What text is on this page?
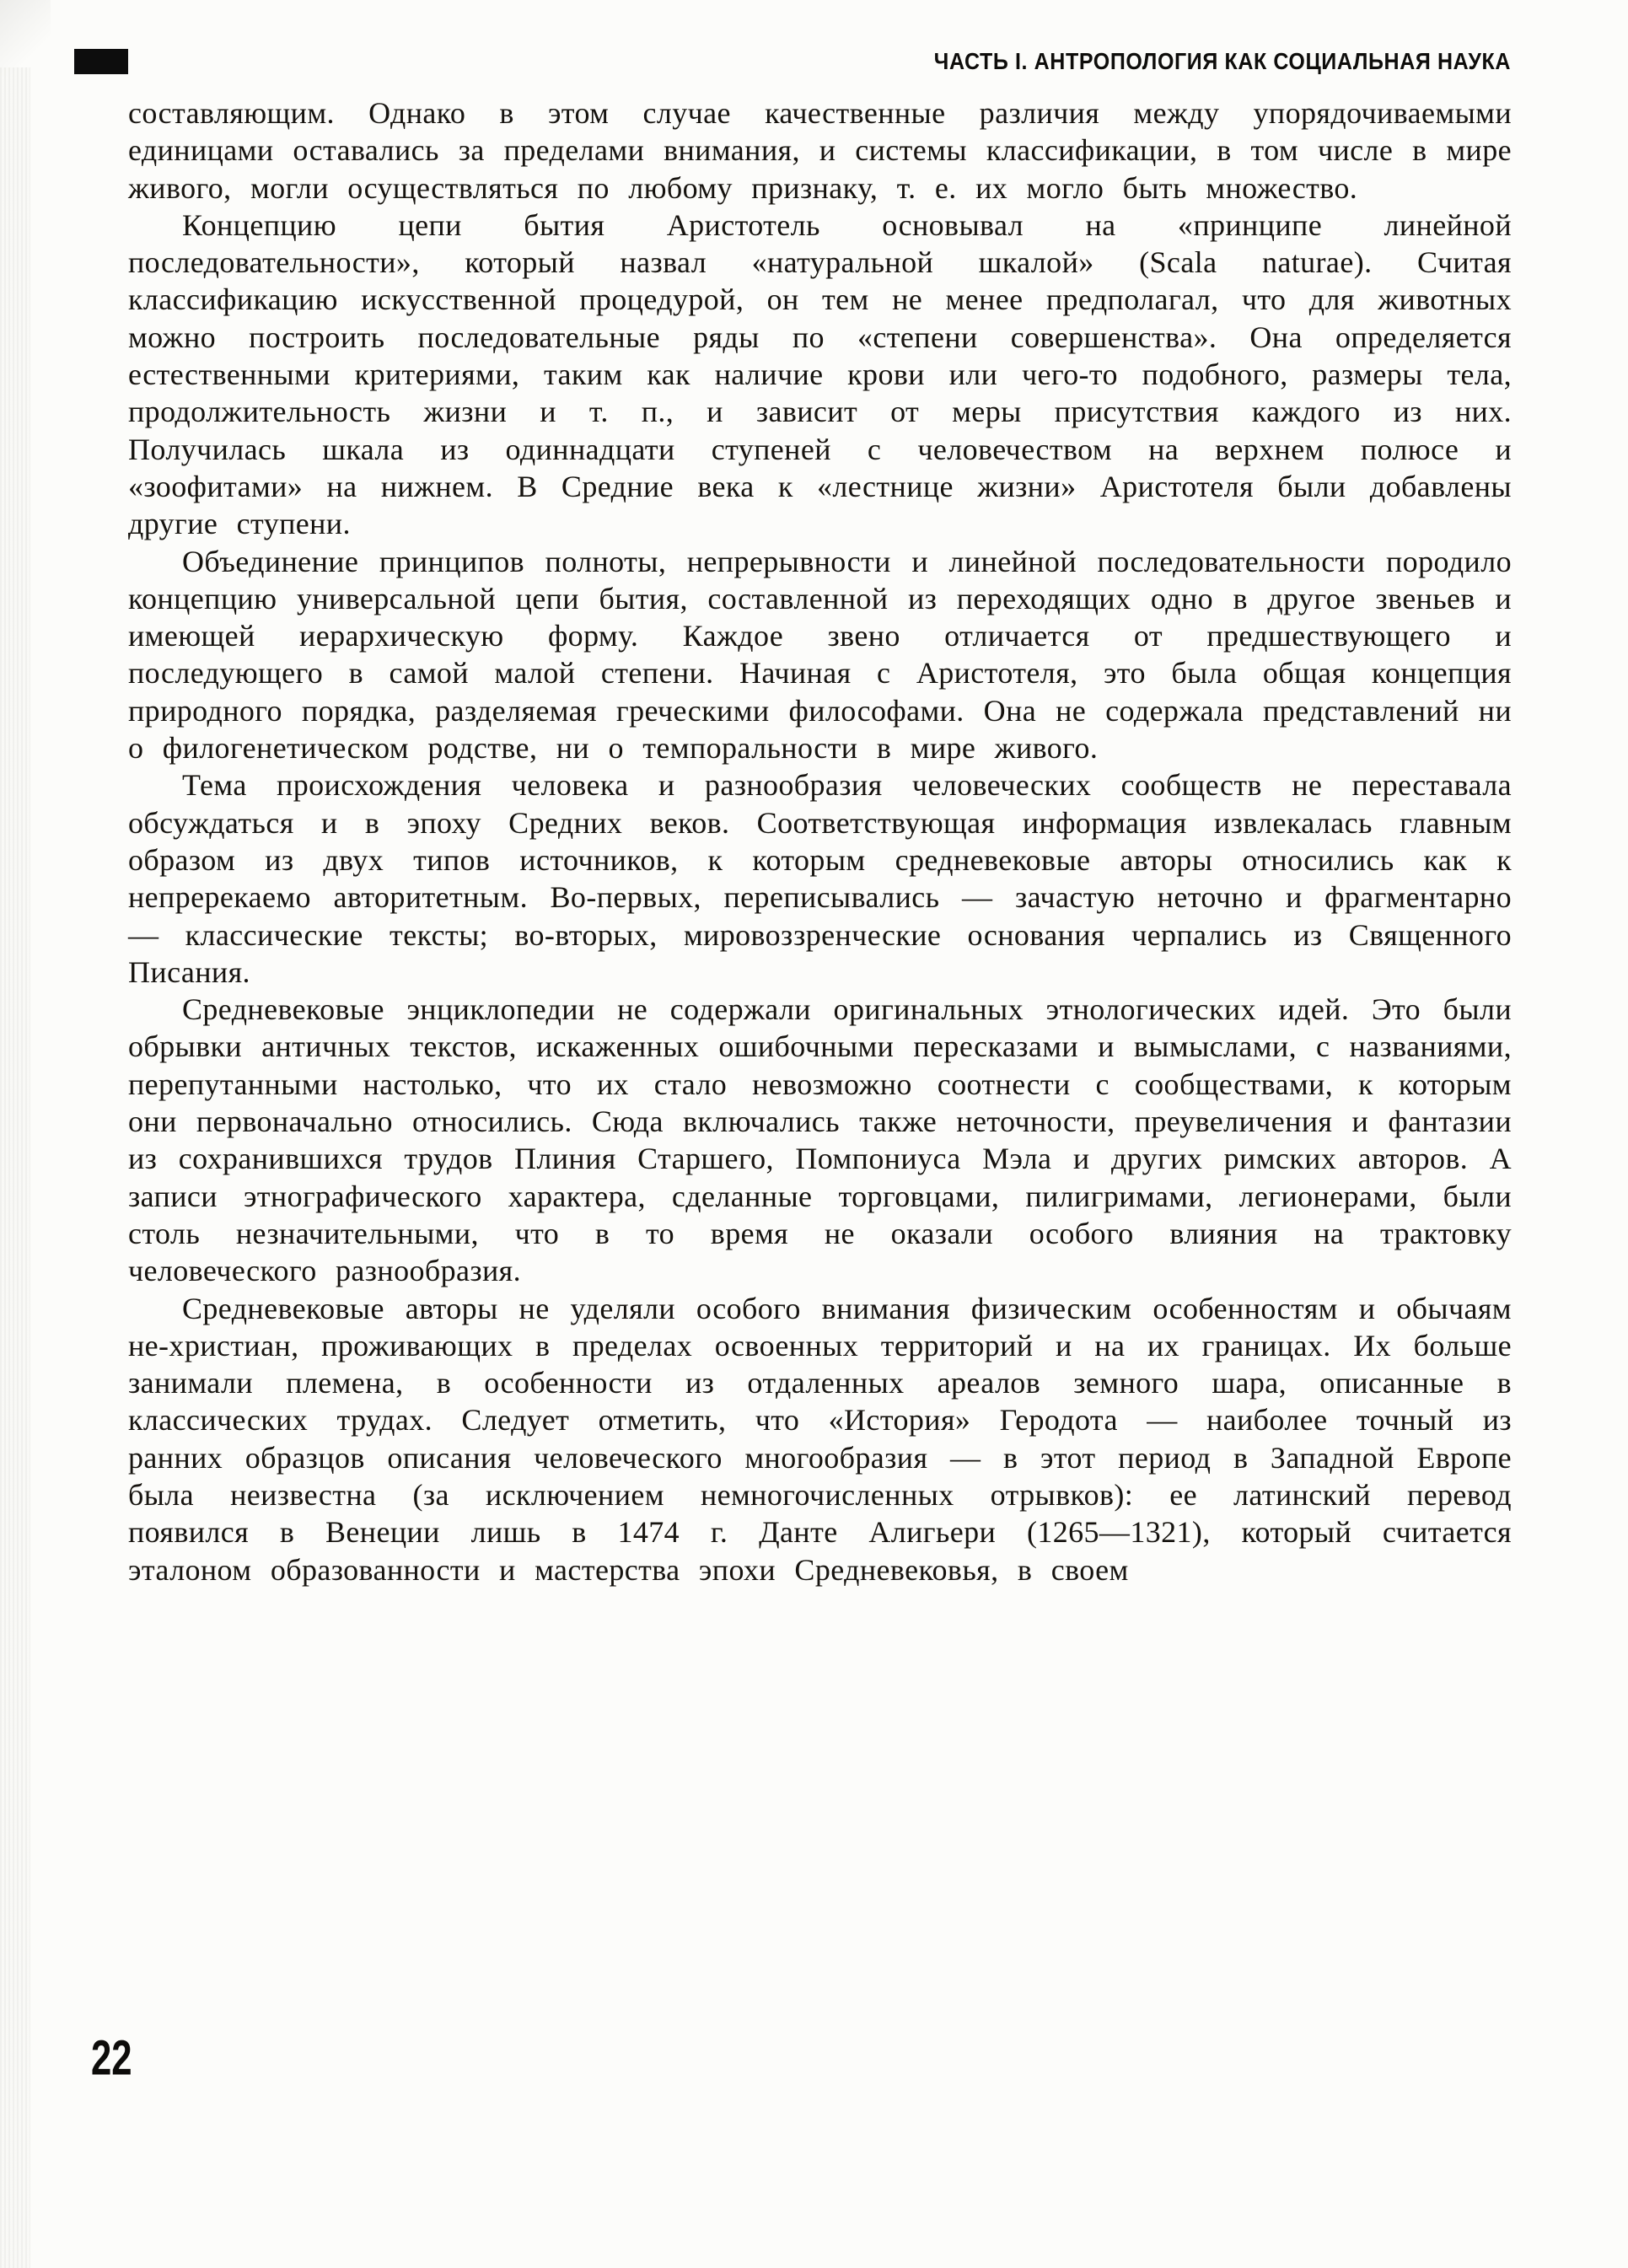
ЧАСТЬ I. АНТРОПОЛОГИЯ КАК СОЦИАЛЬНАЯ НАУКА

составляющим. Однако в этом случае качественные различия между упорядочиваемыми единицами оставались за пределами внимания, и системы классификации, в том числе в мире живого, могли осуществляться по любому признаку, т. е. их могло быть множество.

Концепцию цепи бытия Аристотель основывал на «принципе линейной последовательности», который назвал «натуральной шкалой» (Scala naturae). Считая классификацию искусственной процедурой, он тем не менее предполагал, что для животных можно построить последовательные ряды по «степени совершенства». Она определяется естественными критериями, таким как наличие крови или чего-то подобного, размеры тела, продолжительность жизни и т. п., и зависит от меры присутствия каждого из них. Получилась шкала из одиннадцати ступеней с человечеством на верхнем полюсе и «зоофитами» на нижнем. В Средние века к «лестнице жизни» Аристотеля были добавлены другие ступени.

Объединение принципов полноты, непрерывности и линейной последовательности породило концепцию универсальной цепи бытия, составленной из переходящих одно в другое звеньев и имеющей иерархическую форму. Каждое звено отличается от предшествующего и последующего в самой малой степени. Начиная с Аристотеля, это была общая концепция природного порядка, разделяемая греческими философами. Она не содержала представлений ни о филогенетическом родстве, ни о темпоральности в мире живого.

Тема происхождения человека и разнообразия человеческих сообществ не переставала обсуждаться и в эпоху Средних веков. Соответствующая информация извлекалась главным образом из двух типов источников, к которым средневековые авторы относились как к непререкаемо авторитетным. Во-первых, переписывались — зачастую неточно и фрагментарно — классические тексты; во-вторых, мировоззренческие основания черпались из Священного Писания.

Средневековые энциклопедии не содержали оригинальных этнологических идей. Это были обрывки античных текстов, искаженных ошибочными пересказами и вымыслами, с названиями, перепутанными настолько, что их стало невозможно соотнести с сообществами, к которым они первоначально относились. Сюда включались также неточности, преувеличения и фантазии из сохранившихся трудов Плиния Старшего, Помпониуса Мэла и других римских авторов. А записи этнографического характера, сделанные торговцами, пилигримами, легионерами, были столь незначительными, что в то время не оказали особого влияния на трактовку человеческого разнообразия.

Средневековые авторы не уделяли особого внимания физическим особенностям и обычаям не-христиан, проживающих в пределах освоенных территорий и на их границах. Их больше занимали племена, в особенности из отдаленных ареалов земного шара, описанные в классических трудах. Следует отметить, что «История» Геродота — наиболее точный из ранних образцов описания человеческого многообразия — в этот период в Западной Европе была неизвестна (за исключением немногочисленных отрывков): ее латинский перевод появился в Венеции лишь в 1474 г. Данте Алигьери (1265—1321), который считается эталоном образованности и мастерства эпохи Средневековья, в своем

22
